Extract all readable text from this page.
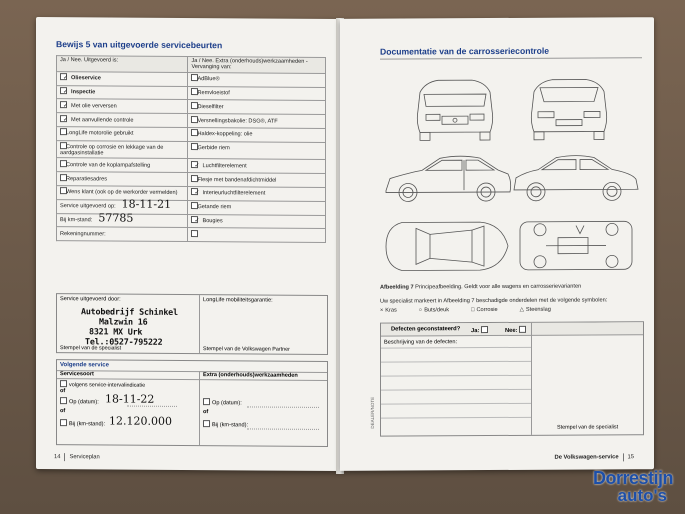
Bewijs 5 van uitgevoerde servicebeurten
Ja / Nee. Uitgevoerd is:	Ja / Nee. Extra (onderhouds)werkzaamheden - Vervanging van:
✓ Olieservice	AdBlue®
✓ Inspectie	Remvloeistof
✓ Met olie verversen	Dieselfilter
✓ Met aanvullende controle	Versnellingsbakolie: DSG®, ATF
LongLife motorolie gebruikt	Haldex-koppeling: olie
Controle op corrosie en lekkage van de aardgasinstallatie	Gerbide riem
Controle van de koplampafstelling	✓ Luchtfilterelement
Reparatiesadres	Flesje met bandenafdichtmiddel
Wens klant (ook op de werkorder vermelden)	✓ Interieurluchtfilterelement
Service uitgevoerd op: 18-11-21	Getande riem
Bij km-stand: 57785	✓ Bougies
Rekeningnummer:	
Service uitgevoerd door:	LongLife mobiliteitsgarantie:
Autobedrijf Schinkel
Malzwin 16
8321 MX Urk
Tel.:0527-795222
Stempel van de specialist	Stempel van de Volkswagen Partner
Volgende service
Servicesoort	Extra (onderhouds)werkzaamheden
volgens service-intervalindicatie
of
Op (datum): 18-11-22
of
Bij (km-stand): 12.120.000
Op (datum):
of
Bij (km-stand):
14 Serviceplan
Documentatie van de carrosseriecontrole
Afbeelding 7 Principeafbeelding. Geldt voor alle wagens en carrosserievarianten
Uw specialist markeert in Afbeelding 7 beschadigde onderdelen met de volgende symbolen:
× Kras	○ Buts/deuk	□ Corrosie	△ Steenslag
Defecten geconstateerd? Ja:	Nee:
Beschrijving van de defecten:
Stempel van de specialist
DEALER/NOTE
De Volkswagen-service 15
Dorrestijn
auto's
